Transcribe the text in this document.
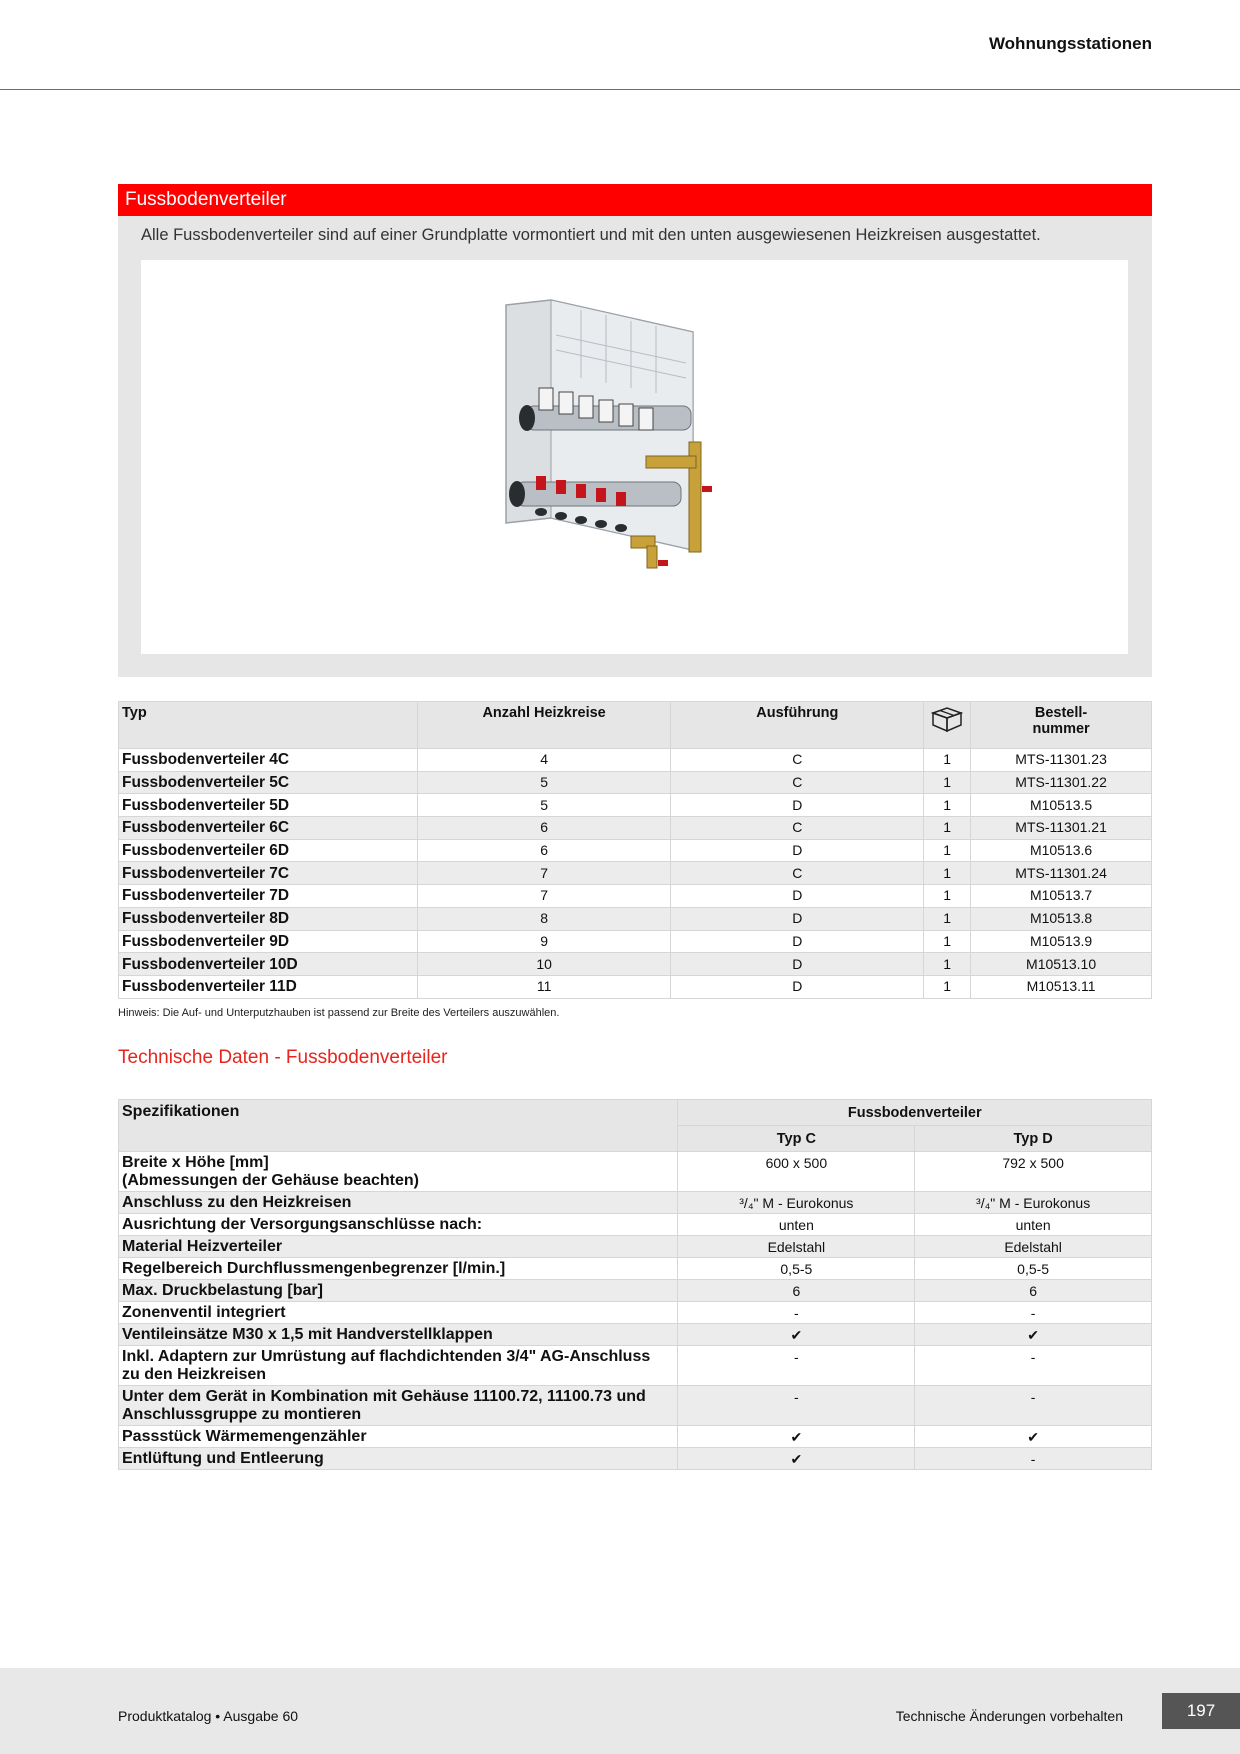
Wohnungsstationen
Fussbodenverteiler
Alle Fussbodenverteiler sind auf einer Grundplatte vormontiert und mit den unten ausgewiesenen Heizkreisen ausgestattet.
Typ	Anzahl Heizkreise	Ausführung		Bestell-
nummer
Fussbodenverteiler 4C	4	C	1	MTS-11301.23
Fussbodenverteiler 5C	5	C	1	MTS-11301.22
Fussbodenverteiler 5D	5	D	1	M10513.5
Fussbodenverteiler 6C	6	C	1	MTS-11301.21
Fussbodenverteiler 6D	6	D	1	M10513.6
Fussbodenverteiler 7C	7	C	1	MTS-11301.24
Fussbodenverteiler 7D	7	D	1	M10513.7
Fussbodenverteiler 8D	8	D	1	M10513.8
Fussbodenverteiler 9D	9	D	1	M10513.9
Fussbodenverteiler 10D	10	D	1	M10513.10
Fussbodenverteiler 11D	11	D	1	M10513.11
Hinweis: Die Auf- und Unterputzhauben ist passend zur Breite des Verteilers auszuwählen.
Technische Daten - Fussbodenverteiler
Spezifikationen	Fussbodenverteiler	
	Typ C	Typ D
Breite x Höhe [mm]
(Abmessungen der Gehäuse beachten)	600 x 500	792 x 500
Anschluss zu den Heizkreisen	³/₄" M - Eurokonus	³/₄" M - Eurokonus
Ausrichtung der Versorgungsanschlüsse nach:	unten	unten
Material Heizverteiler	Edelstahl	Edelstahl
Regelbereich Durchflussmengenbegrenzer [l/min.]	0,5-5	0,5-5
Max. Druckbelastung [bar]	6	6
Zonenventil integriert	-	-
Ventileinsätze M30 x 1,5 mit Handverstellklappen	✔	✔
Inkl. Adaptern zur Umrüstung auf flachdichtenden 3/4" AG-Anschluss
zu den Heizkreisen	-	-
Unter dem Gerät in Kombination mit Gehäuse 11100.72, 11100.73 und
Anschlussgruppe zu montieren	-	-
Passstück Wärmemengenzähler	✔	✔
Entlüftung und Entleerung	✔	-
Produktkatalog • Ausgabe 60	Technische Änderungen vorbehalten	197
